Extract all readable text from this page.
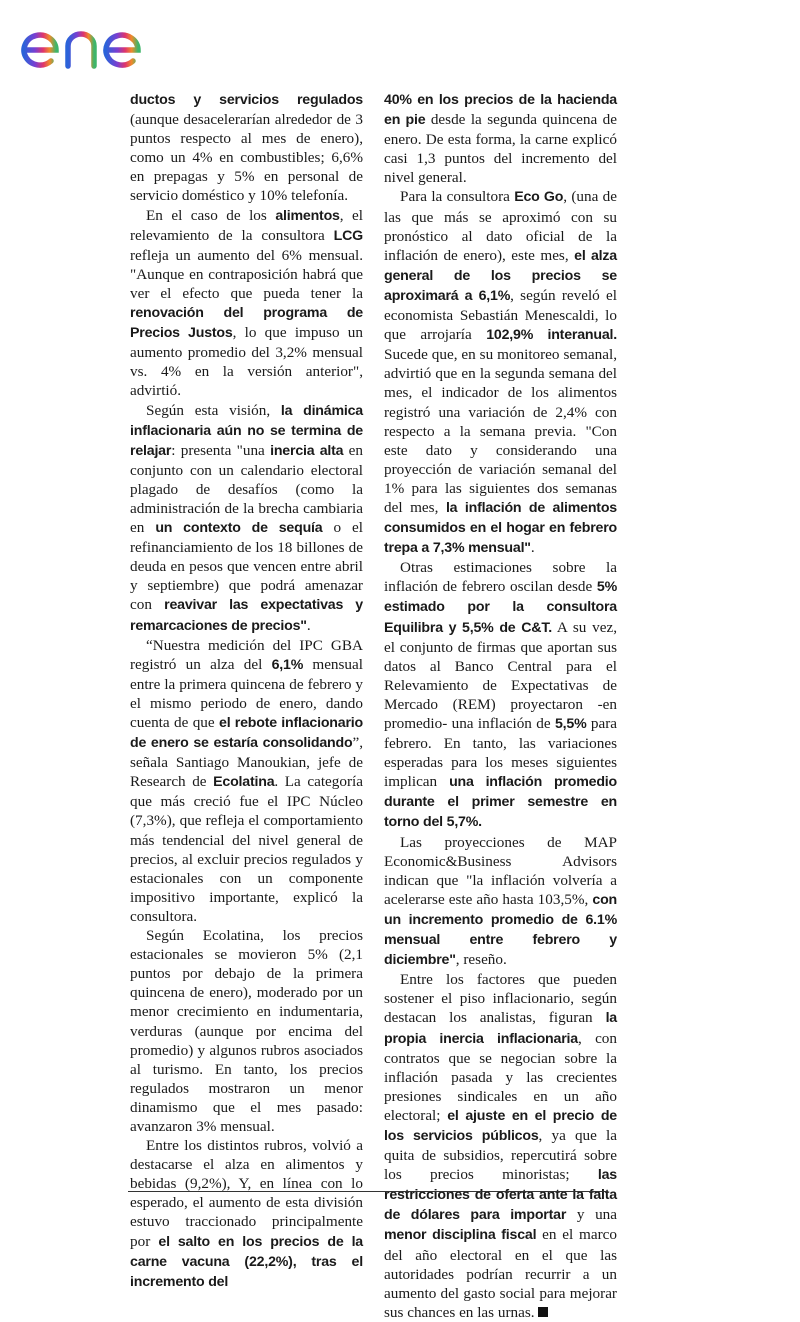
ductos y servicios regulados (aunque desacelerarían alrededor de 3 puntos respecto al mes de enero), como un 4% en combustibles; 6,6% en prepagas y 5% en personal de servicio doméstico y 10% telefonía.

En el caso de los alimentos, el relevamiento de la consultora LCG refleja un aumento del 6% mensual. "Aunque en contraposición habrá que ver el efecto que pueda tener la renovación del programa de Precios Justos, lo que impuso un aumento promedio del 3,2% mensual vs. 4% en la versión anterior", advirtió.

Según esta visión, la dinámica inflacionaria aún no se termina de relajar: presenta "una inercia alta en conjunto con un calendario electoral plagado de desafíos (como la administración de la brecha cambiaria en un contexto de sequía o el refinanciamiento de los 18 billones de deuda en pesos que vencen entre abril y septiembre) que podrá amenazar con reavivar las expectativas y remarcaciones de precios".

“Nuestra medición del IPC GBA registró un alza del 6,1% mensual entre la primera quincena de febrero y el mismo periodo de enero, dando cuenta de que el rebote inflacionario de enero se estaría consolidando”, señala Santiago Manoukian, jefe de Research de Ecolatina. La categoría que más creció fue el IPC Núcleo (7,3%), que refleja el comportamiento más tendencial del nivel general de precios, al excluir precios regulados y estacionales con un componente impositivo importante, explicó la consultora.

Según Ecolatina, los precios estacionales se movieron 5% (2,1 puntos por debajo de la primera quincena de enero), moderado por un menor crecimiento en indumentaria, verduras (aunque por encima del promedio) y algunos rubros asociados al turismo. En tanto, los precios regulados mostraron un menor dinamismo que el mes pasado: avanzaron 3% mensual.

Entre los distintos rubros, volvió a destacarse el alza en alimentos y bebidas (9,2%), Y, en línea con lo esperado, el aumento de esta división estuvo traccionado principalmente por el salto en los precios de la carne vacuna (22,2%), tras el incremento del

40% en los precios de la hacienda en pie desde la segunda quincena de enero. De esta forma, la carne explicó casi 1,3 puntos del incremento del nivel general.

Para la consultora Eco Go, (una de las que más se aproximó con su pronóstico al dato oficial de la inflación de enero), este mes, el alza general de los precios se aproximará a 6,1%, según reveló el economista Sebastián Menescaldi, lo que arrojaría 102,9% interanual. Sucede que, en su monitoreo semanal, advirtió que en la segunda semana del mes, el indicador de los alimentos registró una variación de 2,4% con respecto a la semana previa. "Con este dato y considerando una proyección de variación semanal del 1% para las siguientes dos semanas del mes, la inflación de alimentos consumidos en el hogar en febrero trepa a 7,3% mensual".

Otras estimaciones sobre la inflación de febrero oscilan desde 5% estimado por la consultora Equilibra y 5,5% de C&T. A su vez, el conjunto de firmas que aportan sus datos al Banco Central para el Relevamiento de Expectativas de Mercado (REM) proyectaron -en promedio- una inflación de 5,5% para febrero. En tanto, las variaciones esperadas para los meses siguientes implican una inflación promedio durante el primer semestre en torno del 5,7%.

Las proyecciones de MAP Economic&Business Advisors indican que "la inflación volvería a acelerarse este año hasta 103,5%, con un incremento promedio de 6.1% mensual entre febrero y diciembre", reseño.

Entre los factores que pueden sostener el piso inflacionario, según destacan los analistas, figuran la propia inercia inflacionaria, con contratos que se negocian sobre la inflación pasada y las crecientes presiones sindicales en un año electoral; el ajuste en el precio de los servicios públicos, ya que la quita de subsidios, repercutirá sobre los precios minoristas; las restricciones de oferta ante la falta de dólares para importar y una menor disciplina fiscal en el marco del año electoral en el que las autoridades podrían recurrir a un aumento del gasto social para mejorar sus chances en las urnas.
